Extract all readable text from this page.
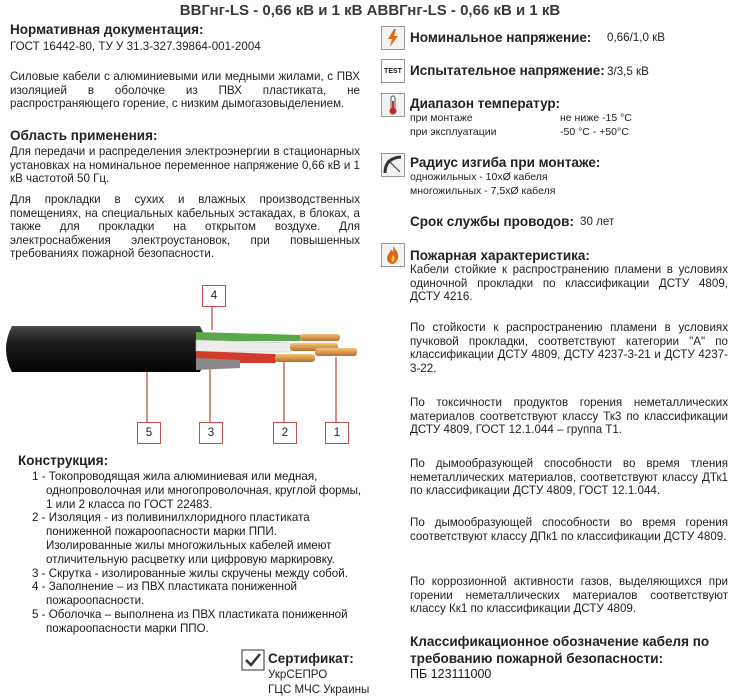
ВВГнг-LS - 0,66 кВ и 1 кВ АВВГнг-LS - 0,66 кВ и 1 кВ
Нормативная документация:
ГОСТ 16442-80, ТУ У 31.3-327.39864-001-2004
Силовые кабели с алюминиевыми или медными жилами, с ПВХ изоляцией в оболочке из ПВХ пластиката, не распространяющего горение, с низким дымогазовыделением.
Область применения:
Для передачи и распределения электроэнергии в стационарных установках на номинальное переменное напряжение 0,66 кВ и 1 кВ частотой 50 Гц.
Для прокладки в сухих и влажных производственных помещениях, на специальных кабельных эстакадах, в блоках, а также для прокладки на открытом воздухе. Для электроснабжения электроустановок, при повышенных требованиях пожарной безопасности.
4
5	3	2	1
Конструкция:
1 - Токопроводящая жила алюминиевая или медная, однопроволочная или многопроволочная, круглой формы, 1 или 2 класса по ГОСТ 22483.
2 - Изоляция - из поливинилхлоридного пластиката пониженной пожароопасности марки ППИ. Изолированные жилы многожильных кабелей имеют отличительную расцветку или цифровую маркировку.
3 - Скрутка - изолированные жилы скручены между собой.
4 - Заполнение – из ПВХ пластиката пониженной пожароопасности.
5 - Оболочка – выполнена из ПВХ пластиката пониженной пожароопасности марки ППО.
Сертификат:
УкрСЕПРО
ГЦС МЧС Украины
Номинальное напряжение: 0,66/1,0 кВ
TEST Испытательное напряжение: 3/3,5 кВ
Диапазон температур:
при монтаже	не ниже -15 °С
при эксплуатации	-50 °С - +50°С
Радиус изгиба при монтаже:
одножильных - 10хØ кабеля
многожильных - 7,5хØ кабеля
Срок службы проводов: 30 лет
Пожарная характеристика:
Кабели стойкие к распространению пламени в условиях одиночной прокладки по классификации ДСТУ 4809, ДСТУ 4216.
По стойкости к распространению пламени в условиях пучковой прокладки, соответствуют категории "А" по классификации ДСТУ 4809, ДСТУ 4237-3-21 и ДСТУ 4237-3-22.
По токсичности продуктов горения неметаллических материалов соответствуют классу Тк3 по классификации ДСТУ 4809, ГОСТ 12.1.044 – группа Т1.
По дымообразующей способности во время тления неметаллических материалов, соответствуют классу ДТк1 по классификации ДСТУ 4809, ГОСТ 12.1.044.
По дымообразующей способности во время горения соответствуют классу ДПк1 по классификации ДСТУ 4809.
По коррозионной активности газов, выделяющихся при горении неметаллических материалов соответствуют классу Кк1 по классификации ДСТУ 4809.
Классификационное обозначение кабеля по требованию пожарной безопасности:
ПБ 123111000
